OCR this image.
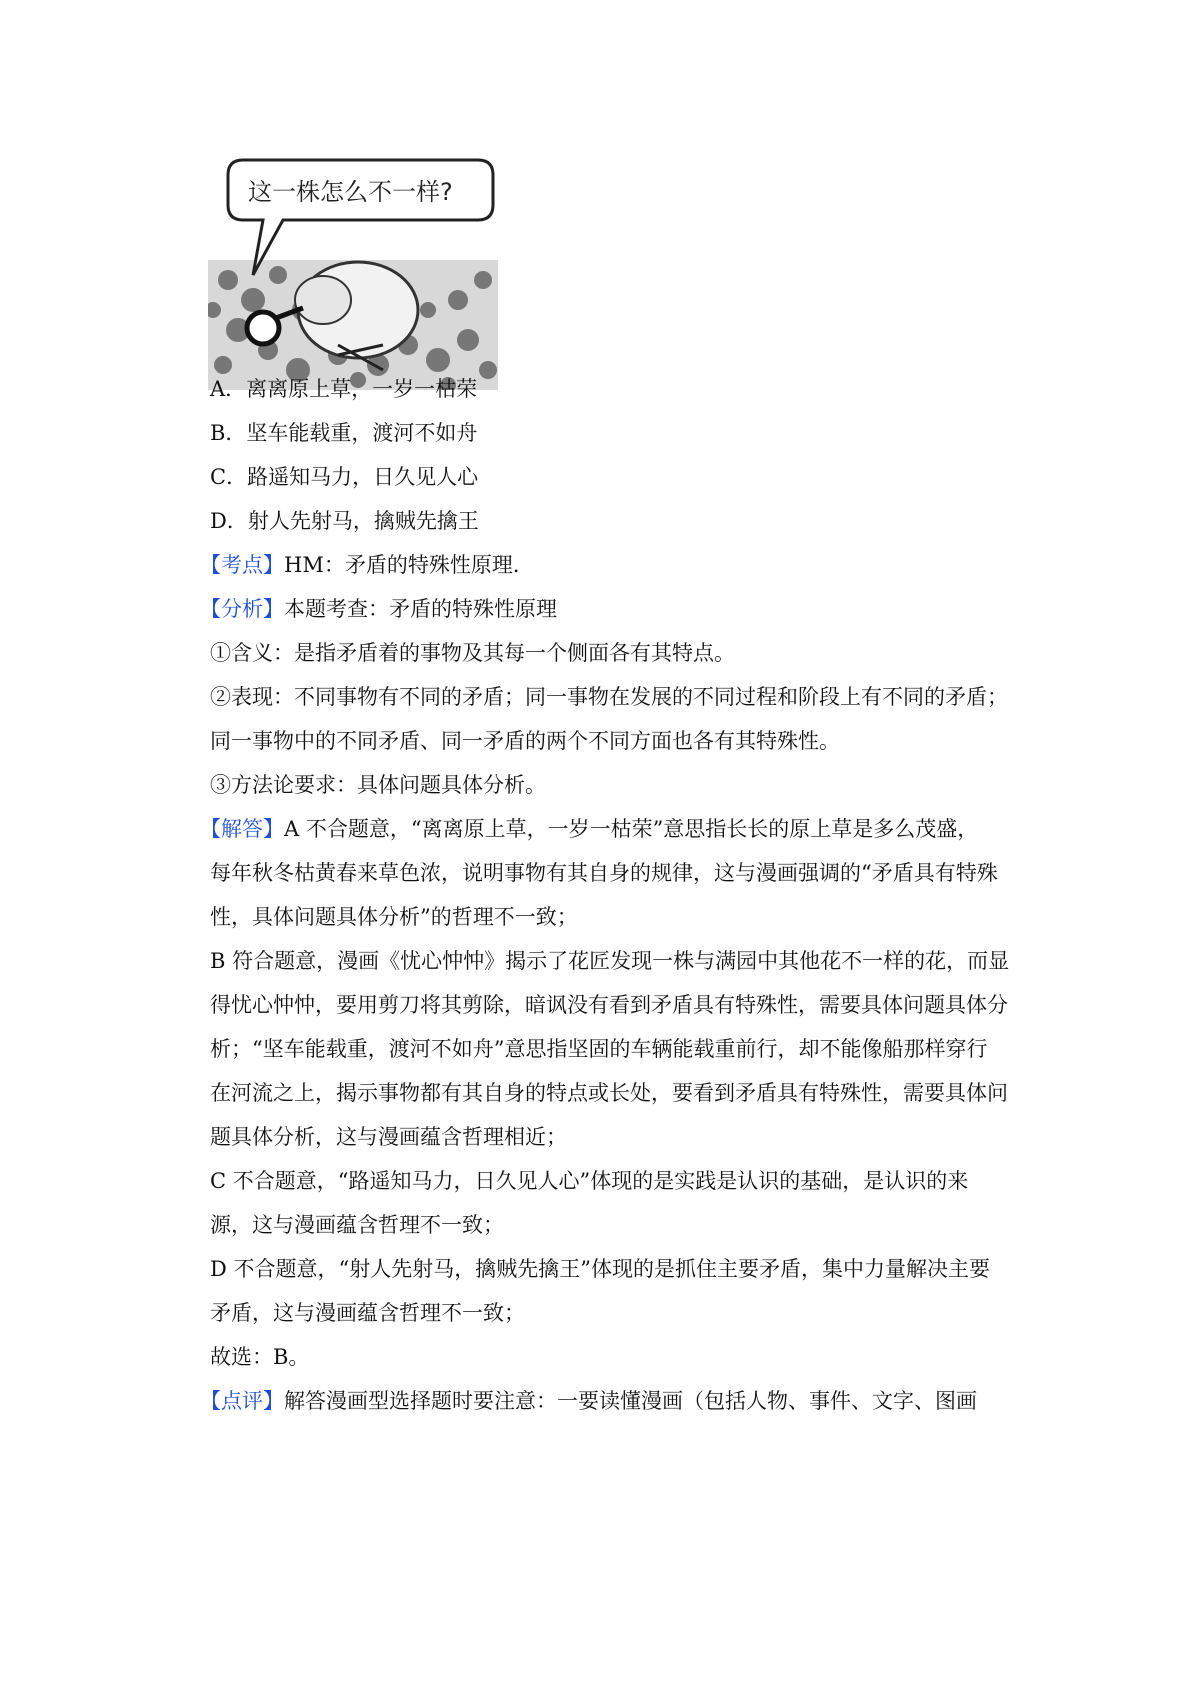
这一株怎么不一样?
A．离离原上草，一岁一枯荣
B．坚车能载重，渡河不如舟
C．路遥知马力，日久见人心
D．射人先射马，擒贼先擒王
【考点】HM：矛盾的特殊性原理．
【分析】本题考查：矛盾的特殊性原理
①含义：是指矛盾着的事物及其每一个侧面各有其特点。
②表现：不同事物有不同的矛盾；同一事物在发展的不同过程和阶段上有不同的矛盾；
同一事物中的不同矛盾、同一矛盾的两个不同方面也各有其特殊性。
③方法论要求：具体问题具体分析。
【解答】A 不合题意，“离离原上草，一岁一枯荣”意思指长长的原上草是多么茂盛，
每年秋冬枯黄春来草色浓，说明事物有其自身的规律，这与漫画强调的“矛盾具有特殊
性，具体问题具体分析”的哲理不一致；
B 符合题意，漫画《忧心忡忡》揭示了花匠发现一株与满园中其他花不一样的花，而显
得忧心忡忡，要用剪刀将其剪除，暗讽没有看到矛盾具有特殊性，需要具体问题具体分
析；“坚车能载重，渡河不如舟”意思指坚固的车辆能载重前行，却不能像船那样穿行
在河流之上，揭示事物都有其自身的特点或长处，要看到矛盾具有特殊性，需要具体问
题具体分析，这与漫画蕴含哲理相近；
C 不合题意，“路遥知马力，日久见人心”体现的是实践是认识的基础，是认识的来
源，这与漫画蕴含哲理不一致；
D 不合题意，“射人先射马，擒贼先擒王”体现的是抓住主要矛盾，集中力量解决主要
矛盾，这与漫画蕴含哲理不一致；
故选：B。
【点评】解答漫画型选择题时要注意：一要读懂漫画（包括人物、事件、文字、图画
